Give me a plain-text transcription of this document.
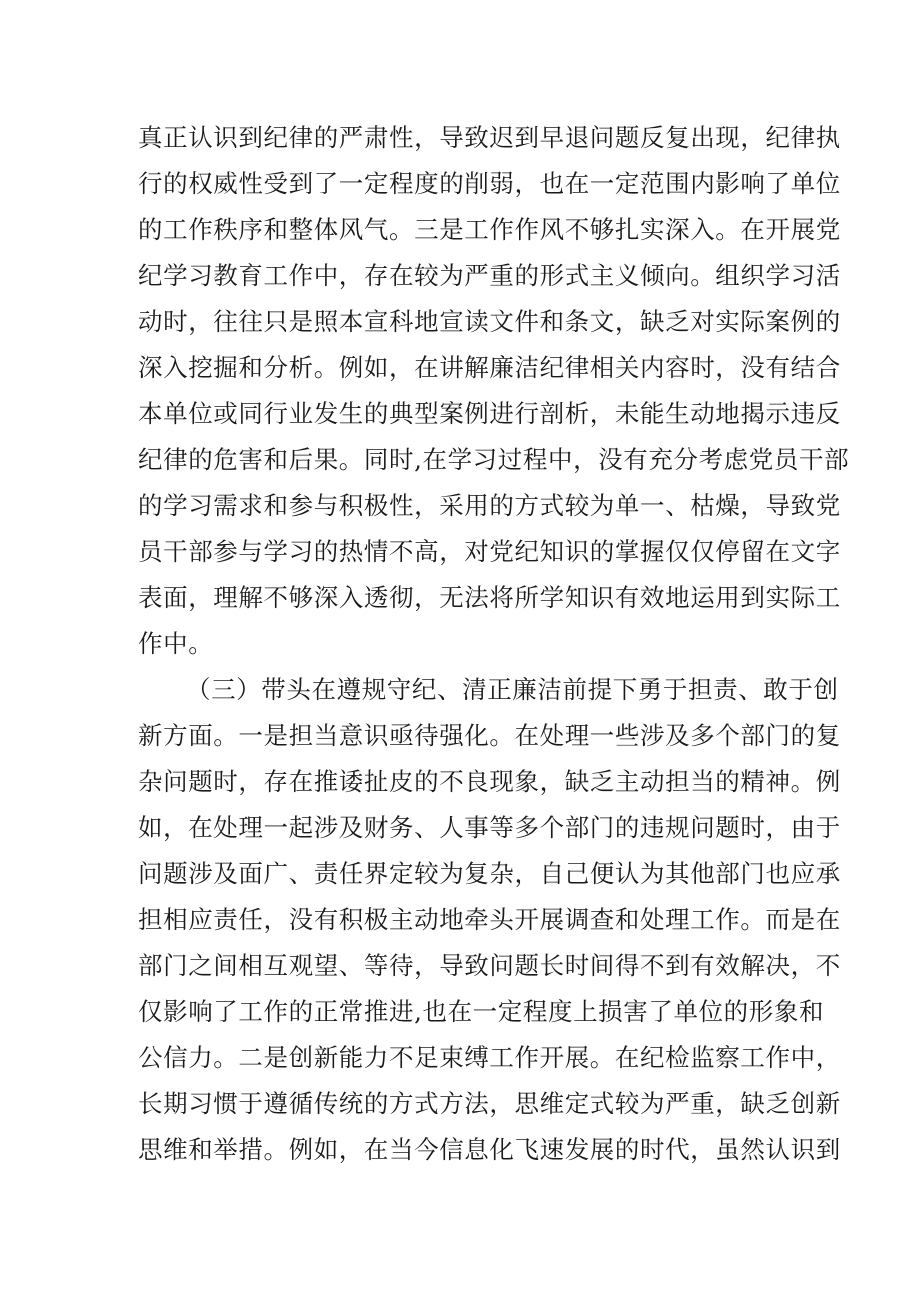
真正认识到纪律的严肃性，导致迟到早退问题反复出现，纪律执
行的权威性受到了一定程度的削弱，也在一定范围内影响了单位
的工作秩序和整体风气。三是工作作风不够扎实深入。在开展党
纪学习教育工作中，存在较为严重的形式主义倾向。组织学习活
动时，往往只是照本宣科地宣读文件和条文，缺乏对实际案例的
深入挖掘和分析。例如，在讲解廉洁纪律相关内容时，没有结合
本单位或同行业发生的典型案例进行剖析，未能生动地揭示违反
纪律的危害和后果。同时,在学习过程中，没有充分考虑党员干部
的学习需求和参与积极性，采用的方式较为单一、枯燥，导致党
员干部参与学习的热情不高，对党纪知识的掌握仅仅停留在文字
表面，理解不够深入透彻，无法将所学知识有效地运用到实际工
作中。
（三）带头在遵规守纪、清正廉洁前提下勇于担责、敢于创
新方面。一是担当意识亟待强化。在处理一些涉及多个部门的复
杂问题时，存在推诿扯皮的不良现象，缺乏主动担当的精神。例
如，在处理一起涉及财务、人事等多个部门的违规问题时，由于
问题涉及面广、责任界定较为复杂，自己便认为其他部门也应承
担相应责任，没有积极主动地牵头开展调查和处理工作。而是在
部门之间相互观望、等待，导致问题长时间得不到有效解决，不
仅影响了工作的正常推进,也在一定程度上损害了单位的形象和
公信力。二是创新能力不足束缚工作开展。在纪检监察工作中，
长期习惯于遵循传统的方式方法，思维定式较为严重，缺乏创新
思维和举措。例如，在当今信息化飞速发展的时代，虽然认识到
